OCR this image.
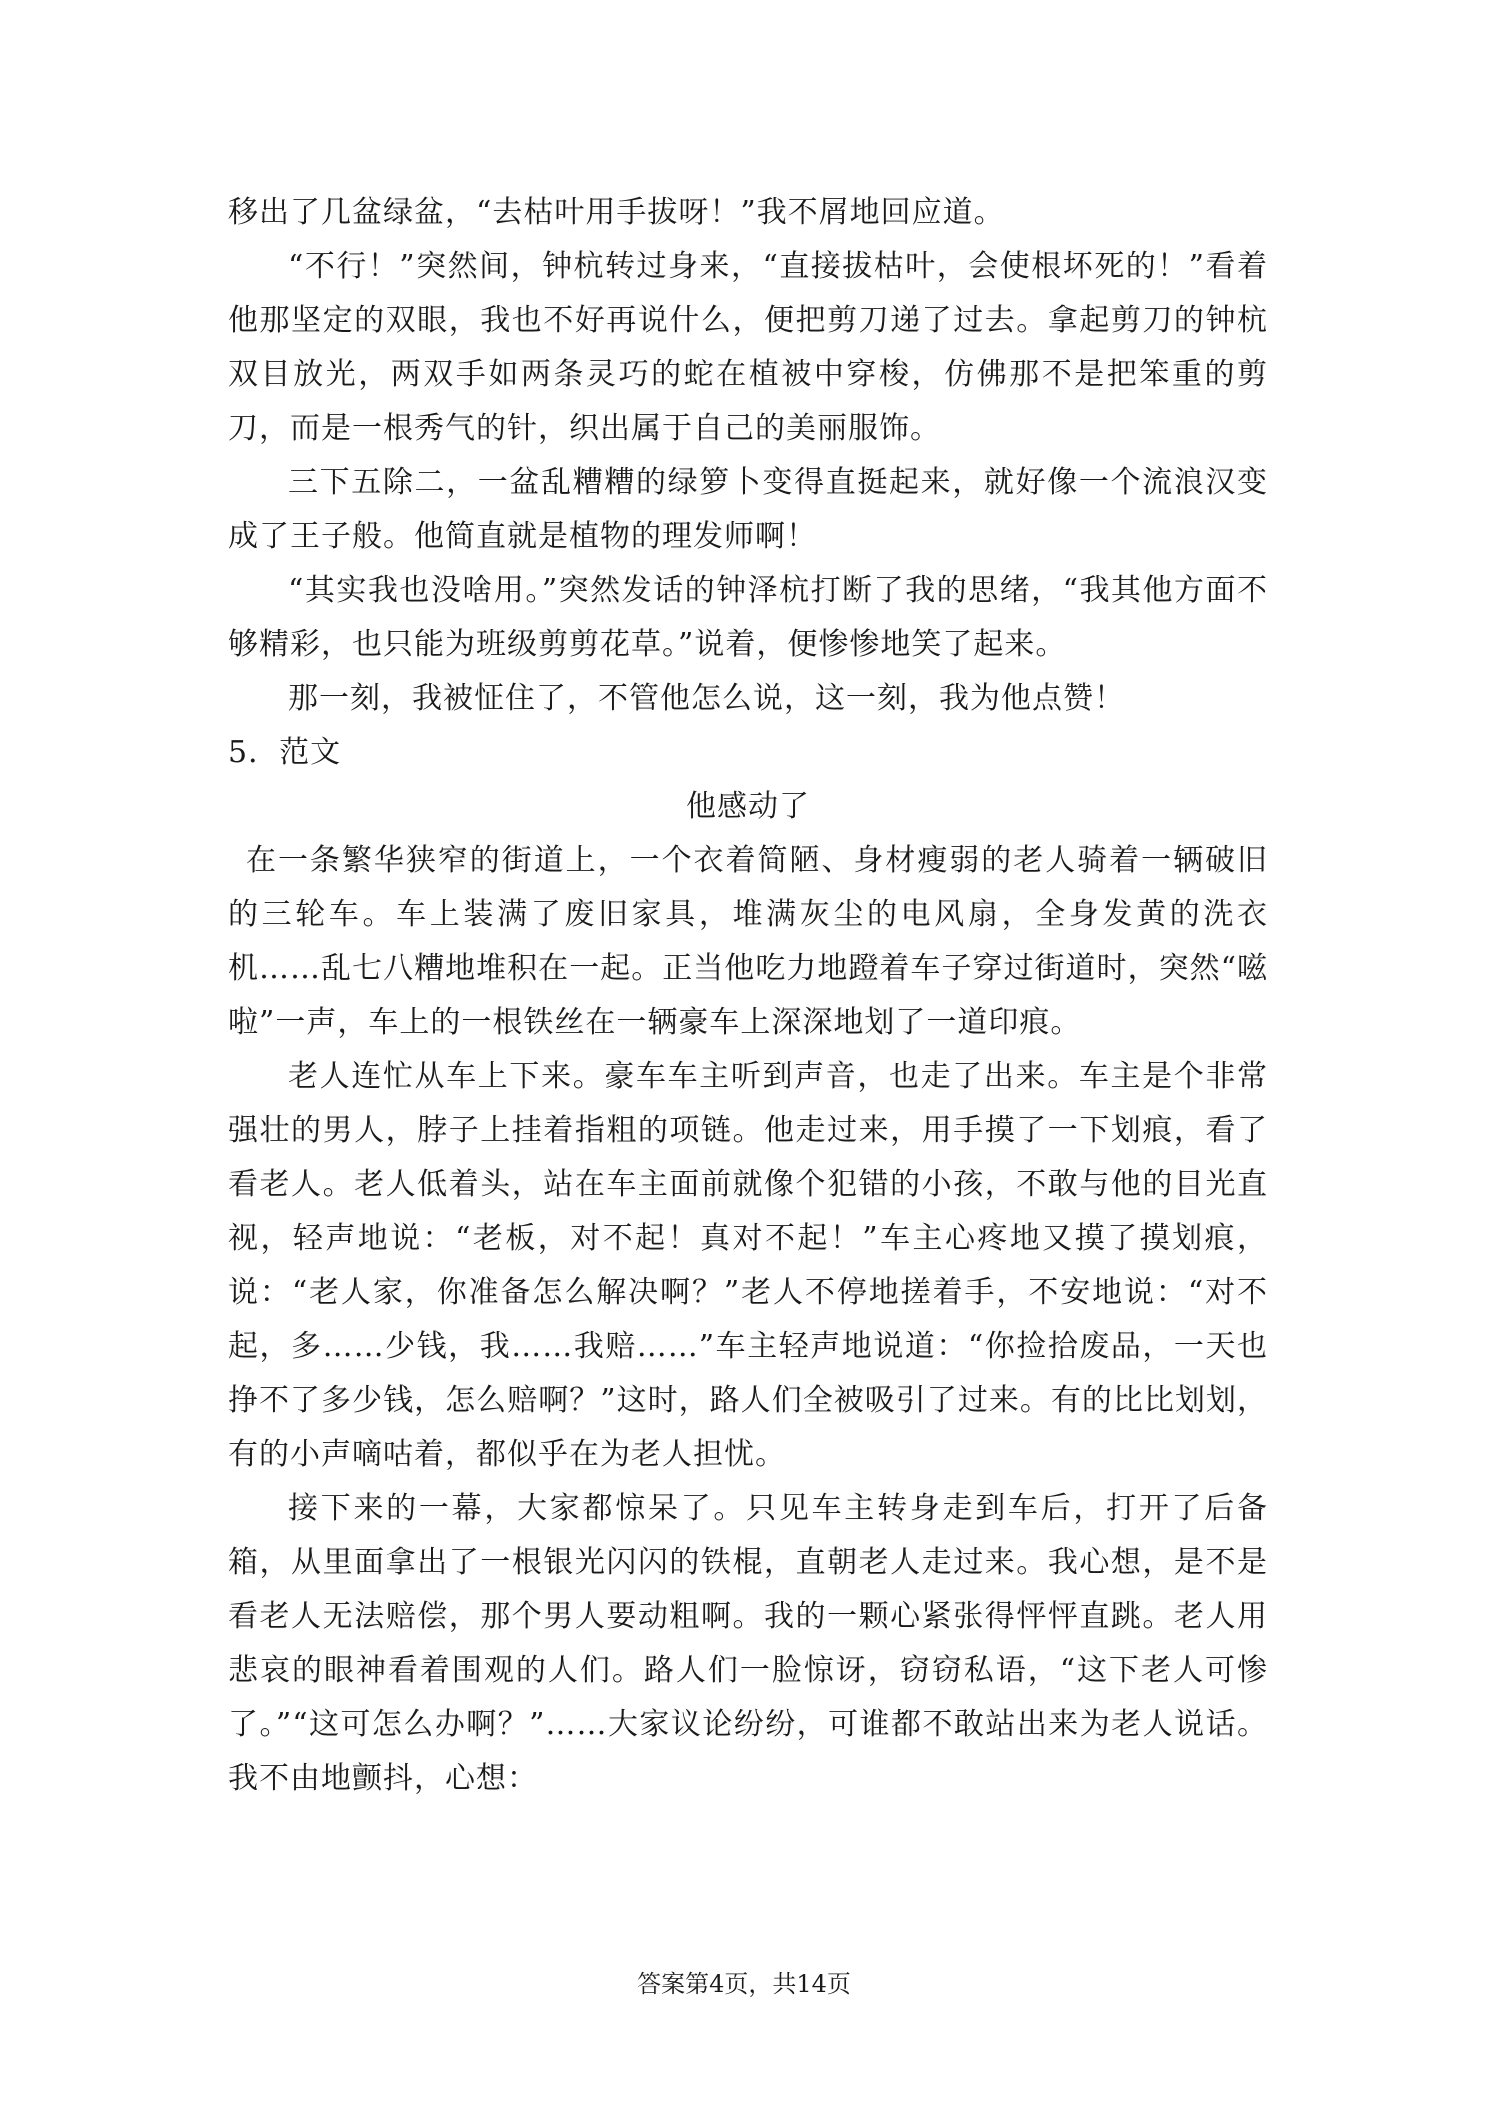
移出了几盆绿盆，“去枯叶用手拔呀！”我不屑地回应道。

“不行！”突然间，钟杭转过身来，“直接拔枯叶，会使根坏死的！”看着他那坚定的双眼，我也不好再说什么，便把剪刀递了过去。拿起剪刀的钟杭双目放光，两双手如两条灵巧的蛇在植被中穿梭，仿佛那不是把笨重的剪刀，而是一根秀气的针，织出属于自己的美丽服饰。

三下五除二，一盆乱糟糟的绿箩卜变得直挺起来，就好像一个流浪汉变成了王子般。他简直就是植物的理发师啊！

“其实我也没啥用。”突然发话的钟泽杭打断了我的思绪，“我其他方面不够精彩，也只能为班级剪剪花草。”说着，便惨惨地笑了起来。

那一刻，我被怔住了，不管他怎么说，这一刻，我为他点赞！

5．范文

他感动了

在一条繁华狭窄的街道上，一个衣着简陋、身材瘦弱的老人骑着一辆破旧的三轮车。车上装满了废旧家具，堆满灰尘的电风扇，全身发黄的洗衣机……乱七八糟地堆积在一起。正当他吃力地蹬着车子穿过街道时，突然“嗞啦”一声，车上的一根铁丝在一辆豪车上深深地划了一道印痕。

老人连忙从车上下来。豪车车主听到声音，也走了出来。车主是个非常强壮的男人，脖子上挂着指粗的项链。他走过来，用手摸了一下划痕，看了看老人。老人低着头，站在车主面前就像个犯错的小孩，不敢与他的目光直视，轻声地说：“老板，对不起！真对不起！”车主心疼地又摸了摸划痕，说：“老人家，你准备怎么解决啊？”老人不停地搓着手，不安地说：“对不起，多……少钱，我……我赔……”车主轻声地说道：“你捡拾废品，一天也挣不了多少钱，怎么赔啊？”这时，路人们全被吸引了过来。有的比比划划，有的小声嘀咕着，都似乎在为老人担忧。

接下来的一幕，大家都惊呆了。只见车主转身走到车后，打开了后备箱，从里面拿出了一根银光闪闪的铁棍，直朝老人走过来。我心想，是不是看老人无法赔偿，那个男人要动粗啊。我的一颗心紧张得怦怦直跳。老人用悲哀的眼神看着围观的人们。路人们一脸惊讶，窃窃私语，“这下老人可惨了。”“这可怎么办啊？”……大家议论纷纷，可谁都不敢站出来为老人说话。我不由地颤抖，心想：

答案第4页，共14页
